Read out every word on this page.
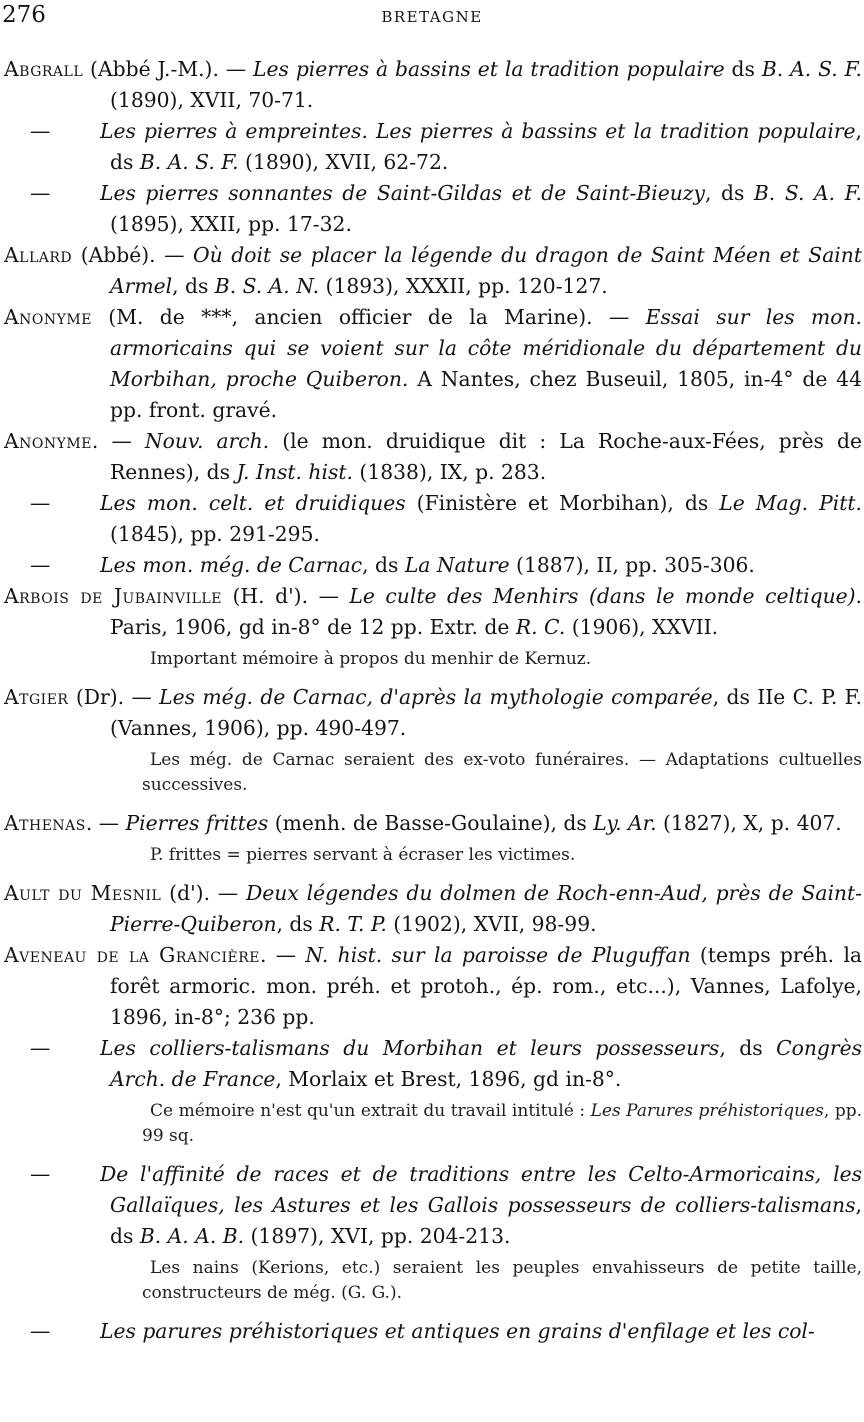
276	BRETAGNE

Abgrall (Abbé J.-M.). — Les pierres à bassins et la tradition populaire ds B. A. S. F. (1890), XVII, 70-71.

— Les pierres à empreintes. Les pierres à bassins et la tradition populaire, ds B. A. S. F. (1890), XVII, 62-72.

— Les pierres sonnantes de Saint-Gildas et de Saint-Bieuzy, ds B. S. A. F. (1895), XXII, pp. 17-32.

Allard (Abbé). — Où doit se placer la légende du dragon de Saint Méen et Saint Armel, ds B. S. A. N. (1893), XXXII, pp. 120-127.

Anonyme (M. de ***, ancien officier de la Marine). — Essai sur les mon. armoricains qui se voient sur la côte méridionale du département du Morbihan, proche Quiberon. A Nantes, chez Buseuil, 1805, in-4° de 44 pp. front. gravé.

Anonyme. — Nouv. arch. (le mon. druidique dit : La Roche-aux-Fées, près de Rennes), ds J. Inst. hist. (1838), IX, p. 283.

— Les mon. celt. et druidiques (Finistère et Morbihan), ds Le Mag. Pitt. (1845), pp. 291-295.

— Les mon. még. de Carnac, ds La Nature (1887), II, pp. 305-306.

Arbois de Jubainville (H. d'). — Le culte des Menhirs (dans le monde celtique). Paris, 1906, gd in-8° de 12 pp. Extr. de R. C. (1906), XXVII.

Important mémoire à propos du menhir de Kernuz.

Atgier (Dr). — Les még. de Carnac, d'après la mythologie comparée, ds IIe C. P. F. (Vannes, 1906), pp. 490-497.

Les még. de Carnac seraient des ex-voto funéraires. — Adaptations cultuelles successives.

Athenas. — Pierres frittes (menh. de Basse-Goulaine), ds Ly. Ar. (1827), X, p. 407.

P. frittes = pierres servant à écraser les victimes.

Ault du Mesnil (d'). — Deux légendes du dolmen de Roch-enn-Aud, près de Saint-Pierre-Quiberon, ds R. T. P. (1902), XVII, 98-99.

Aveneau de la Grancière. — N. hist. sur la paroisse de Pluguffan (temps préh. la forêt armoric. mon. préh. et protoh., ép. rom., etc...), Vannes, Lafolye, 1896, in-8°; 236 pp.

— Les colliers-talismans du Morbihan et leurs possesseurs, ds Congrès Arch. de France, Morlaix et Brest, 1896, gd in-8°.

Ce mémoire n'est qu'un extrait du travail intitulé : Les Parures préhistoriques, pp. 99 sq.

— De l'affinité de races et de traditions entre les Celto-Armoricains, les Gallaïques, les Astures et les Gallois possesseurs de colliers-talismans, ds B. A. A. B. (1897), XVI, pp. 204-213.

Les nains (Kerions, etc.) seraient les peuples envahisseurs de petite taille, constructeurs de még. (G. G.).

— Les parures préhistoriques et antiques en grains d'enfilage et les col-
